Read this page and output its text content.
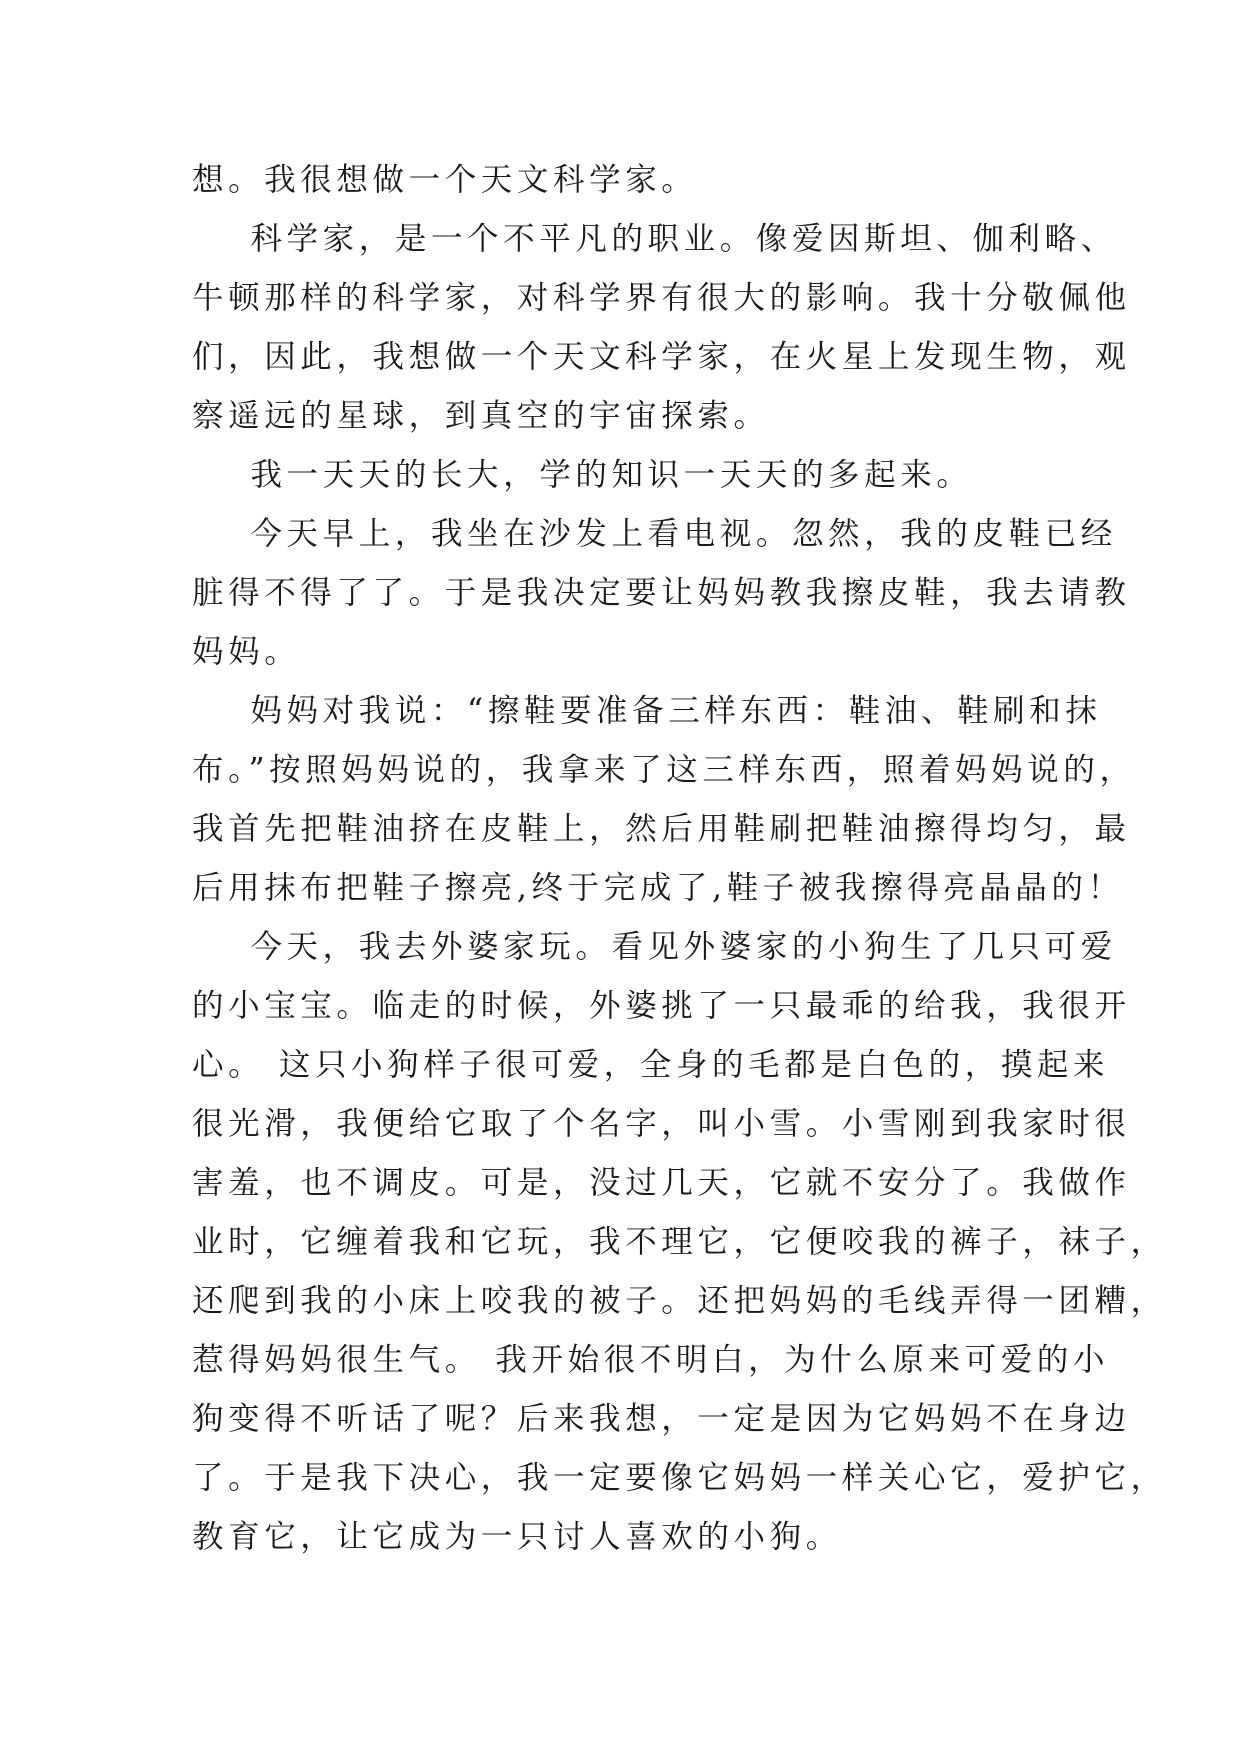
想。我很想做一个天文科学家。
科学家，是一个不平凡的职业。像爱因斯坦、伽利略、
牛顿那样的科学家，对科学界有很大的影响。我十分敬佩他
们，因此，我想做一个天文科学家，在火星上发现生物，观
察遥远的星球，到真空的宇宙探索。
我一天天的长大，学的知识一天天的多起来。
今天早上，我坐在沙发上看电视。忽然，我的皮鞋已经
脏得不得了了。于是我决定要让妈妈教我擦皮鞋，我去请教
妈妈。
妈妈对我说：“擦鞋要准备三样东西：鞋油、鞋刷和抹
布。”按照妈妈说的，我拿来了这三样东西，照着妈妈说的，
我首先把鞋油挤在皮鞋上，然后用鞋刷把鞋油擦得均匀，最
后用抹布把鞋子擦亮,终于完成了,鞋子被我擦得亮晶晶的！
今天，我去外婆家玩。看见外婆家的小狗生了几只可爱
的小宝宝。临走的时候，外婆挑了一只最乖的给我，我很开
心。 这只小狗样子很可爱，全身的毛都是白色的，摸起来
很光滑，我便给它取了个名字，叫小雪。小雪刚到我家时很
害羞，也不调皮。可是，没过几天，它就不安分了。我做作
业时，它缠着我和它玩，我不理它，它便咬我的裤子，袜子，
还爬到我的小床上咬我的被子。还把妈妈的毛线弄得一团糟，
惹得妈妈很生气。 我开始很不明白，为什么原来可爱的小
狗变得不听话了呢？后来我想，一定是因为它妈妈不在身边
了。于是我下决心，我一定要像它妈妈一样关心它，爱护它，
教育它，让它成为一只讨人喜欢的小狗。
